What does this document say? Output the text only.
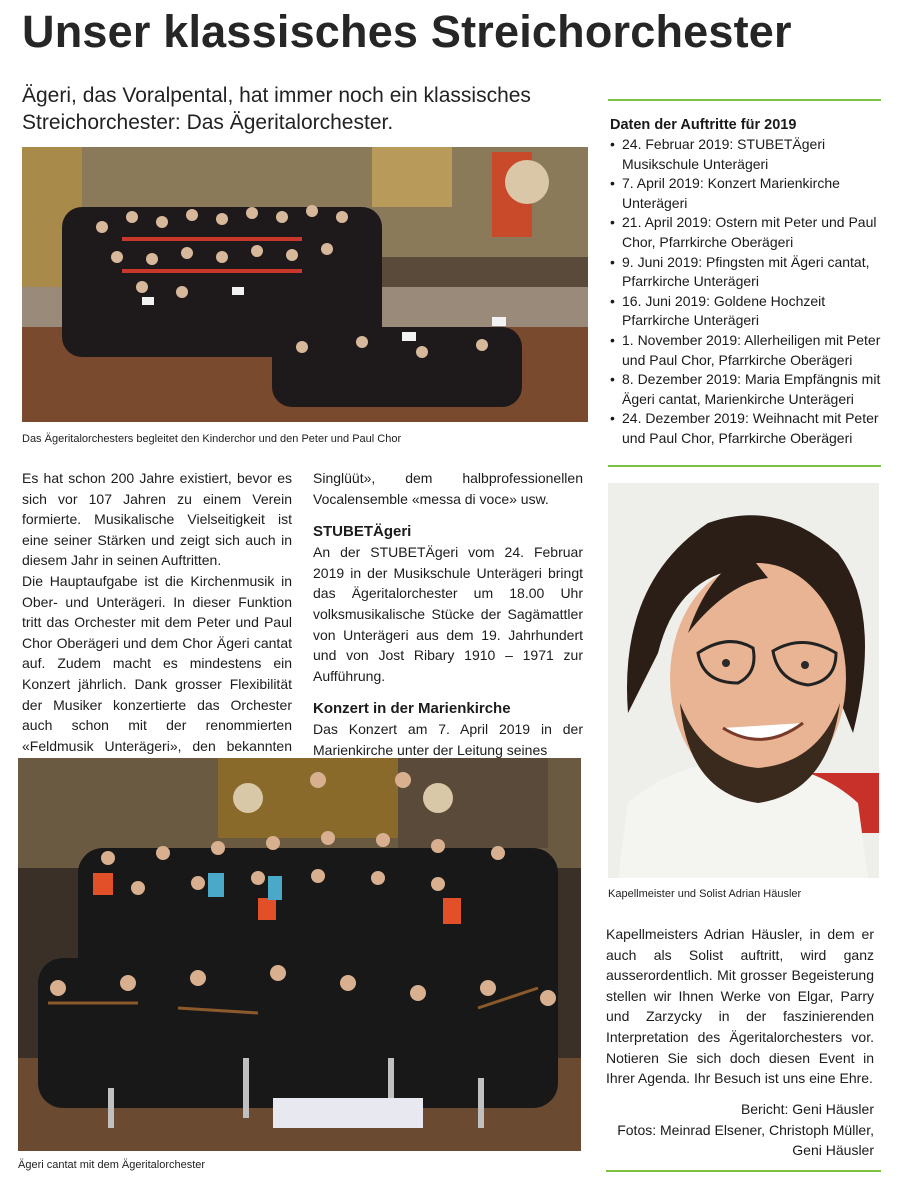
Unser klassisches Streichorchester
Ägeri, das Voralpental, hat immer noch ein klassisches Streichorchester: Das Ägeritalorchester.
Das Ägeritalorchesters begleitet den Kinderchor und den Peter und Paul Chor

Es hat schon 200 Jahre existiert, bevor es sich vor 107 Jahren zu einem Verein formierte. Musikalische Vielseitigkeit ist eine seiner Stärken und zeigt sich auch in diesem Jahr in seinen Auftritten.

Die Hauptaufgabe ist die Kirchenmusik in Ober- und Unterägeri. In dieser Funktion tritt das Orchester mit dem Peter und Paul Chor Oberägeri und dem Chor Ägeri cantat auf. Zudem macht es mindestens ein Konzert jährlich. Dank grosser Flexibilität der Musiker konzertierte das Orchester auch schon mit der renommierten «Feldmusik Unterägeri», den bekannten

Singlüüt», dem halbprofessionellen Vocalensemble «messa di voce» usw.

STUBETÄgeri

An der STUBETÄgeri vom 24. Februar 2019 in der Musikschule Unterägeri bringt das Ägeritalorchester um 18.00 Uhr volksmusikalische Stücke der Sagämattler von Unterägeri aus dem 19. Jahrhundert und von Jost Ribary 1910 – 1971 zur Aufführung.

Konzert in der Marienkirche

Das Konzert am 7. April 2019 in der Marienkirche unter der Leitung seines

Ägeri cantat mit dem Ägeritalorchester

Daten der Auftritte für 2019

• 24. Februar 2019: STUBETÄgeri Musikschule Unterägeri
• 7. April 2019: Konzert Marienkirche Unterägeri
• 21. April 2019: Ostern mit Peter und Paul Chor, Pfarrkirche Oberägeri
• 9. Juni 2019: Pfingsten mit Ägeri cantat, Pfarrkirche Unterägeri
• 16. Juni 2019: Goldene Hochzeit Pfarrkirche Unterägeri
• 1. November 2019: Allerheiligen mit Peter und Paul Chor, Pfarrkirche Oberägeri
• 8. Dezember 2019: Maria Empfängnis mit Ägeri cantat, Marienkirche Unterägeri
• 24. Dezember 2019: Weihnacht mit Peter und Paul Chor, Pfarrkirche Oberägeri
Kapellmeister und Solist Adrian Häusler

Kapellmeisters Adrian Häusler, in dem er auch als Solist auftritt, wird ganz ausserordentlich. Mit grosser Begeisterung stellen wir Ihnen Werke von Elgar, Parry und Zarzycky in der faszinierenden Interpretation des Ägeritalorchesters vor. Notieren Sie sich doch diesen Event in Ihrer Agenda. Ihr Besuch ist uns eine Ehre.

Bericht: Geni Häusler
Fotos: Meinrad Elsener, Christoph Müller,
Geni Häusler
